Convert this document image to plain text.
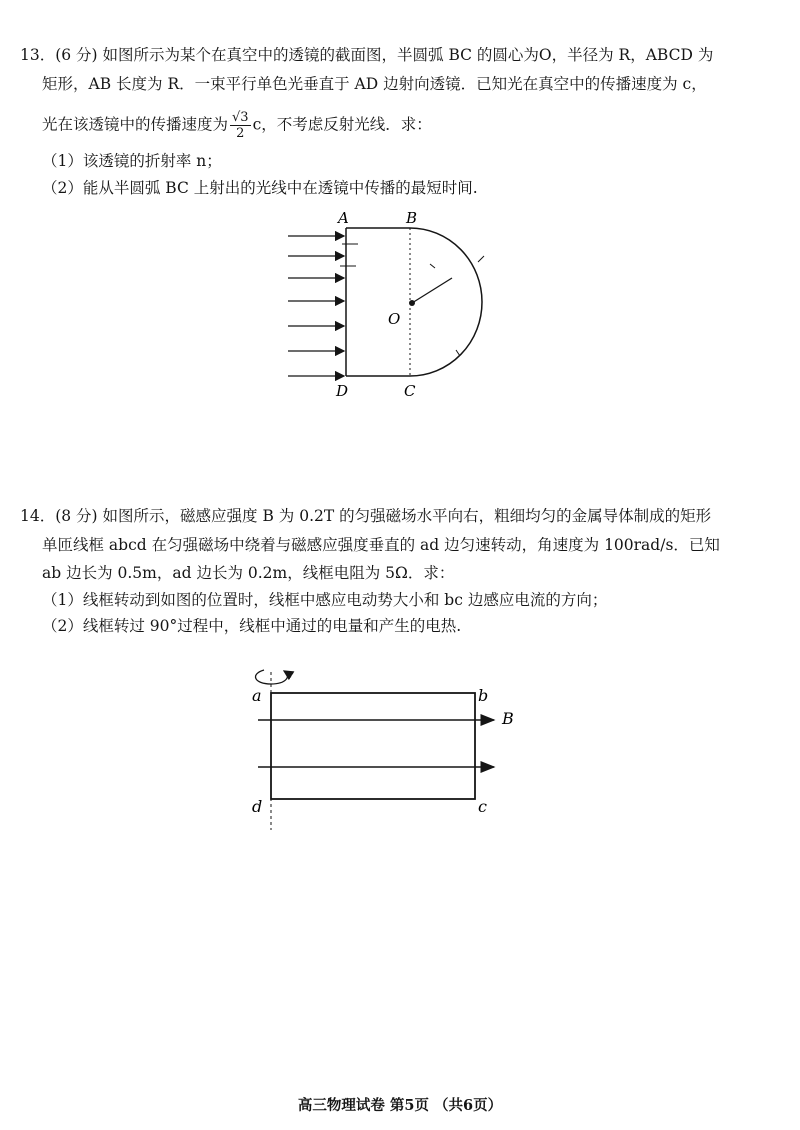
13．(6 分) 如图所示为某个在真空中的透镜的截面图，半圆弧 BC 的圆心为O，半径为 R，ABCD 为
矩形，AB 长度为 R．一束平行单色光垂直于 AD 边射向透镜．已知光在真空中的传播速度为 c，
光在该透镜中的传播速度为 $\frac{√3}{2}$ c，不考虑反射光线．求：
（1）该透镜的折射率 n；
（2）能从半圆弧 BC 上射出的光线中在透镜中传播的最短时间.
A	B
D	C
O
14．(8 分) 如图所示，磁感应强度 B 为 0.2T 的匀强磁场水平向右，粗细均匀的金属导体制成的矩形
单匝线框 abcd 在匀强磁场中绕着与磁感应强度垂直的 ad 边匀速转动，角速度为 100rad/s．已知
ab 边长为 0.5m，ad 边长为 0.2m，线框电阻为 5Ω．求：
（1）线框转动到如图的位置时，线框中感应电动势大小和 bc 边感应电流的方向；
（2）线框转过 90°过程中，线框中通过的电量和产生的电热.
a	b
d	c
B
高三物理试卷 第5页 （共6页）
